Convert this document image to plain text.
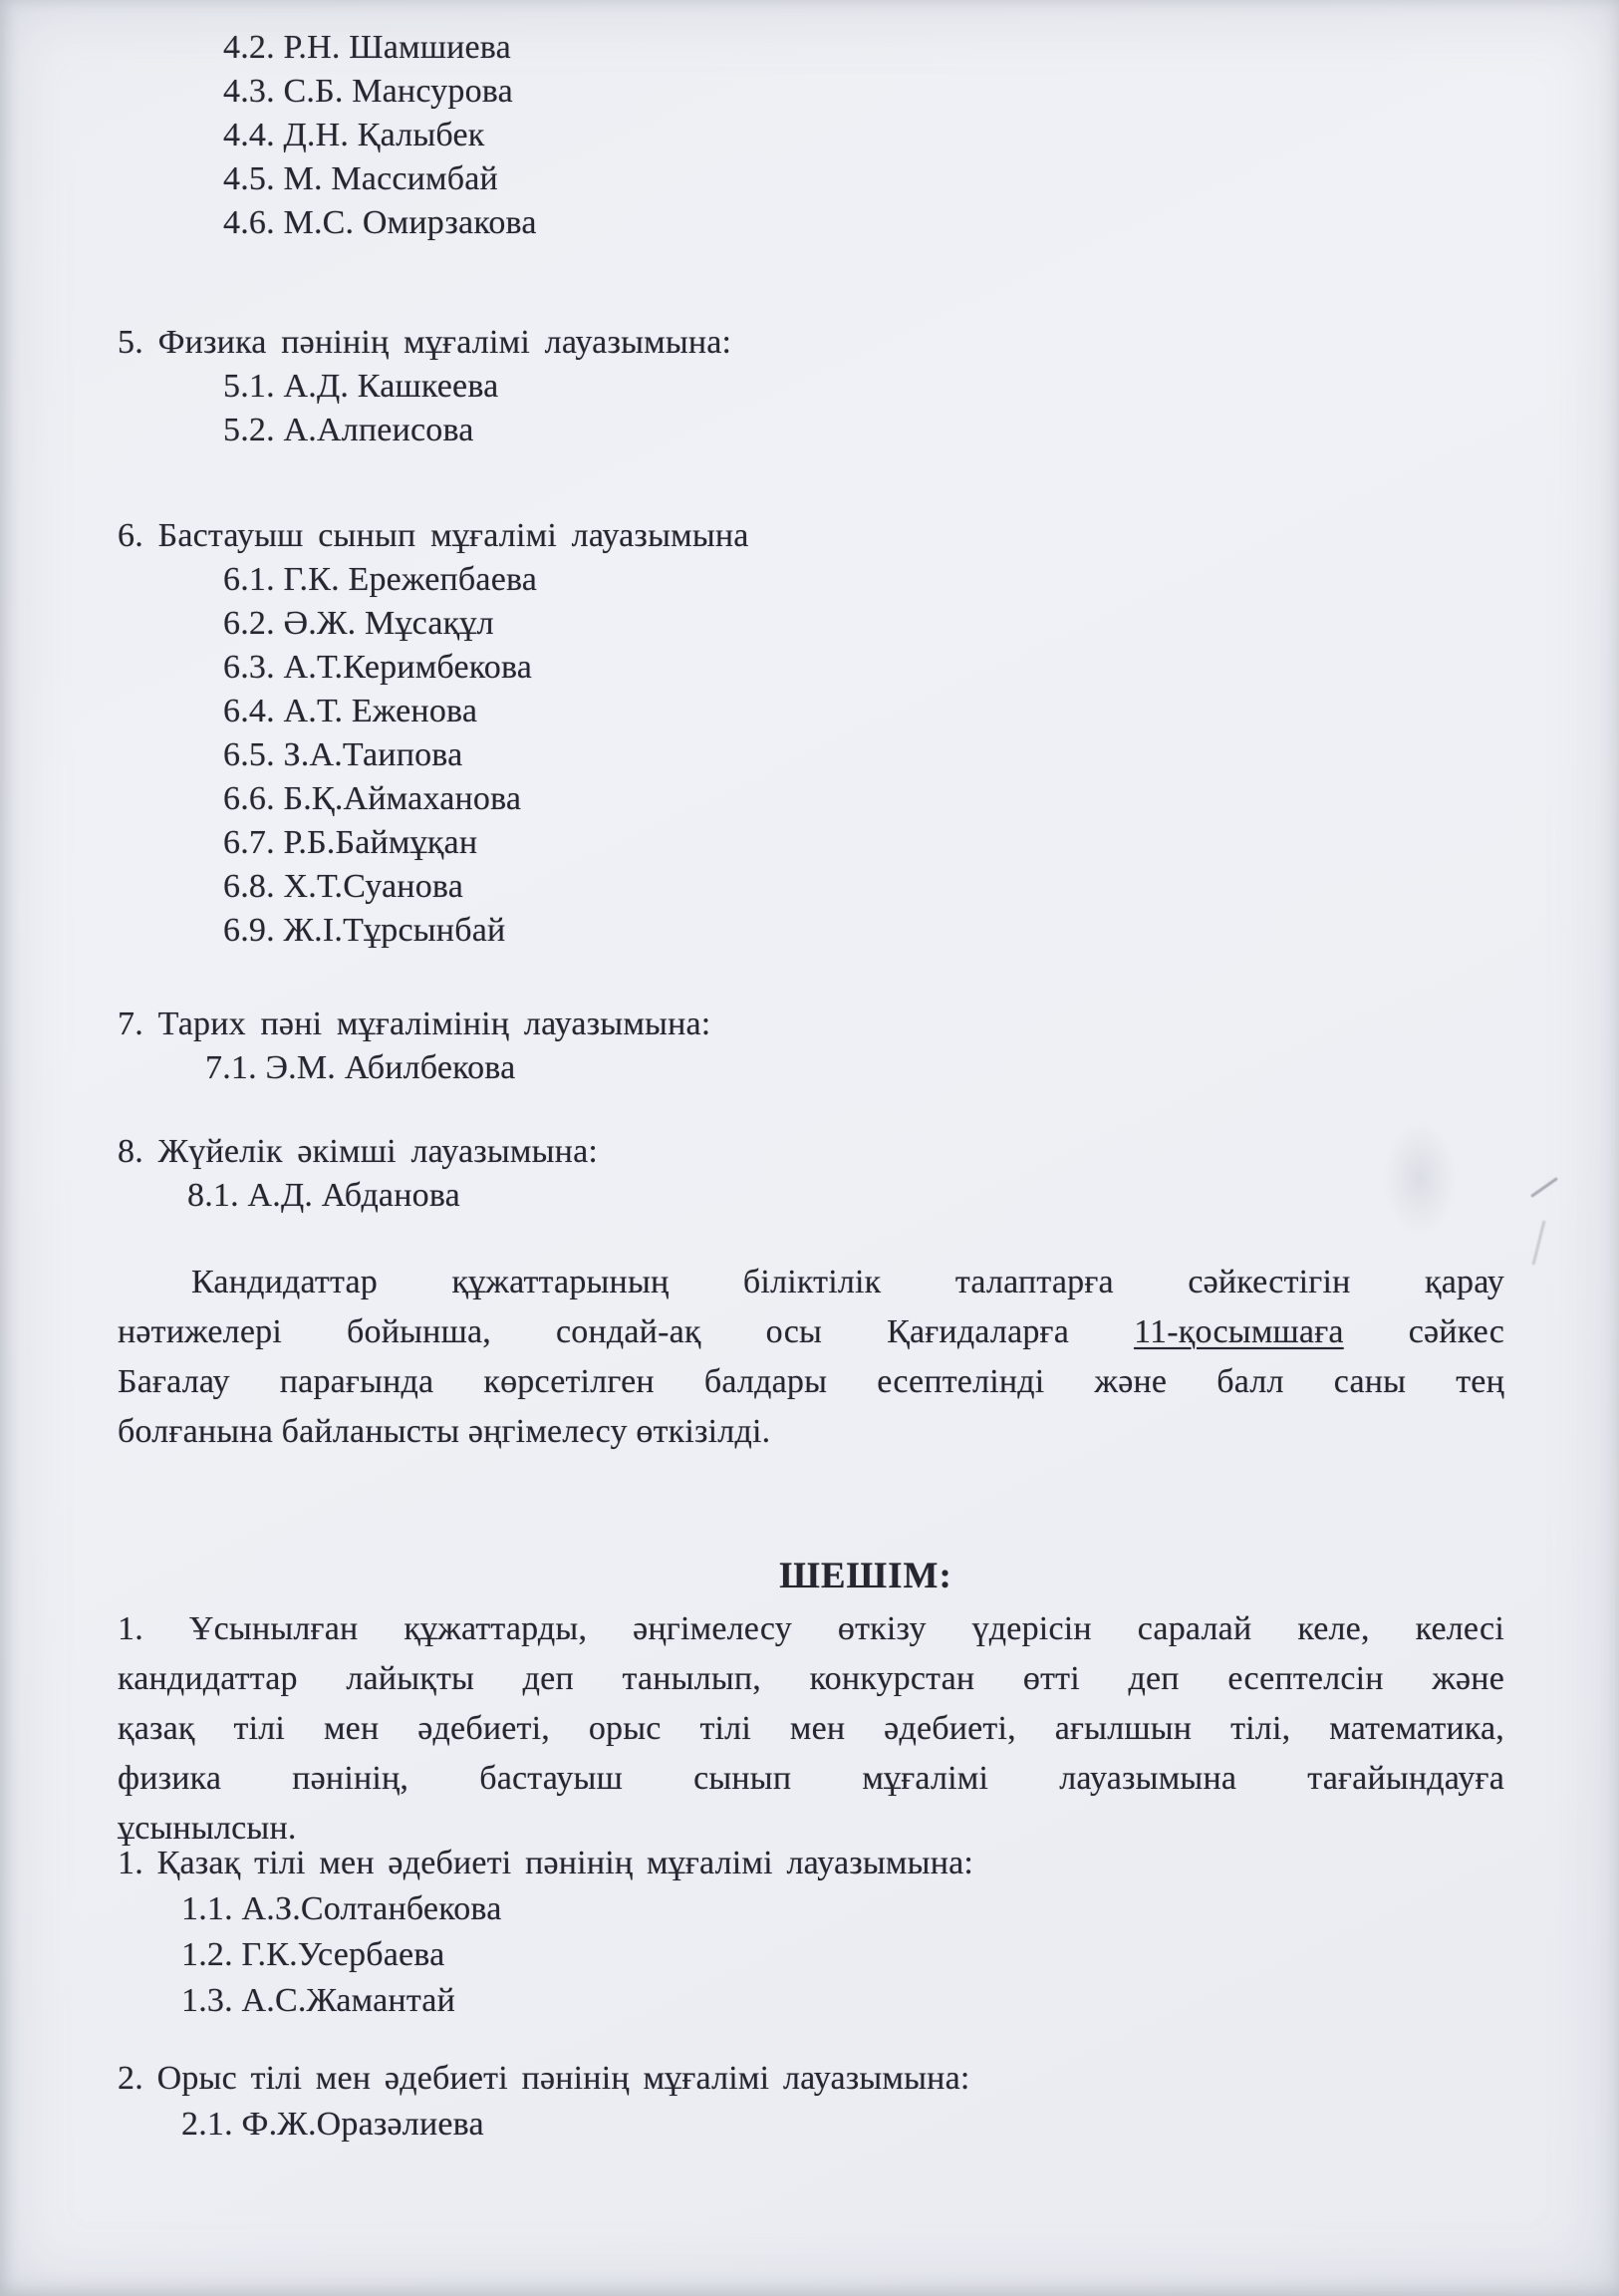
4.2. Р.Н. Шамшиева
4.3. С.Б. Мансурова
4.4. Д.Н. Қалыбек
4.5. М. Массимбай
4.6. М.С. Омирзакова
5. Физика пәнінің мұғалімі лауазымына:
5.1. А.Д. Кашкеева
5.2. А.Алпеисова
6. Бастауыш сынып мұғалімі лауазымына
6.1. Г.К. Ережепбаева
6.2. Ә.Ж. Мұсақұл
6.3. А.Т.Керимбекова
6.4. А.Т. Еженова
6.5. З.А.Таипова
6.6. Б.Қ.Аймаханова
6.7. Р.Б.Баймұқан
6.8. Х.Т.Суанова
6.9. Ж.І.Тұрсынбай
7. Тарих пәні мұғалімінің лауазымына:
7.1. Э.М. Абилбекова
8. Жүйелік әкімші лауазымына:
8.1. А.Д. Абданова
Кандидаттар құжаттарының біліктілік талаптарға сәйкестігін қарау
нәтижелері бойынша, сондай-ақ осы Қағидаларға 11-қосымшаға сәйкес
Бағалау парағында көрсетілген балдары есептелінді және балл саны тең
болғанына байланысты әңгімелесу өткізілді.
ШЕШІМ:
1. Ұсынылған құжаттарды, әңгімелесу өткізу үдерісін саралай келе, келесі
кандидаттар лайықты деп танылып, конкурстан өтті деп есептелсін және
қазақ тілі мен әдебиеті, орыс тілі мен әдебиеті, ағылшын тілі, математика,
физика пәнінің, бастауыш сынып мұғалімі лауазымына тағайындауға
ұсынылсын.
1. Қазақ тілі мен әдебиеті пәнінің мұғалімі лауазымына:
1.1. А.З.Солтанбекова
1.2. Г.К.Усербаева
1.3. А.С.Жамантай
2. Орыс тілі мен әдебиеті пәнінің мұғалімі лауазымына:
2.1. Ф.Ж.Оразәлиева
